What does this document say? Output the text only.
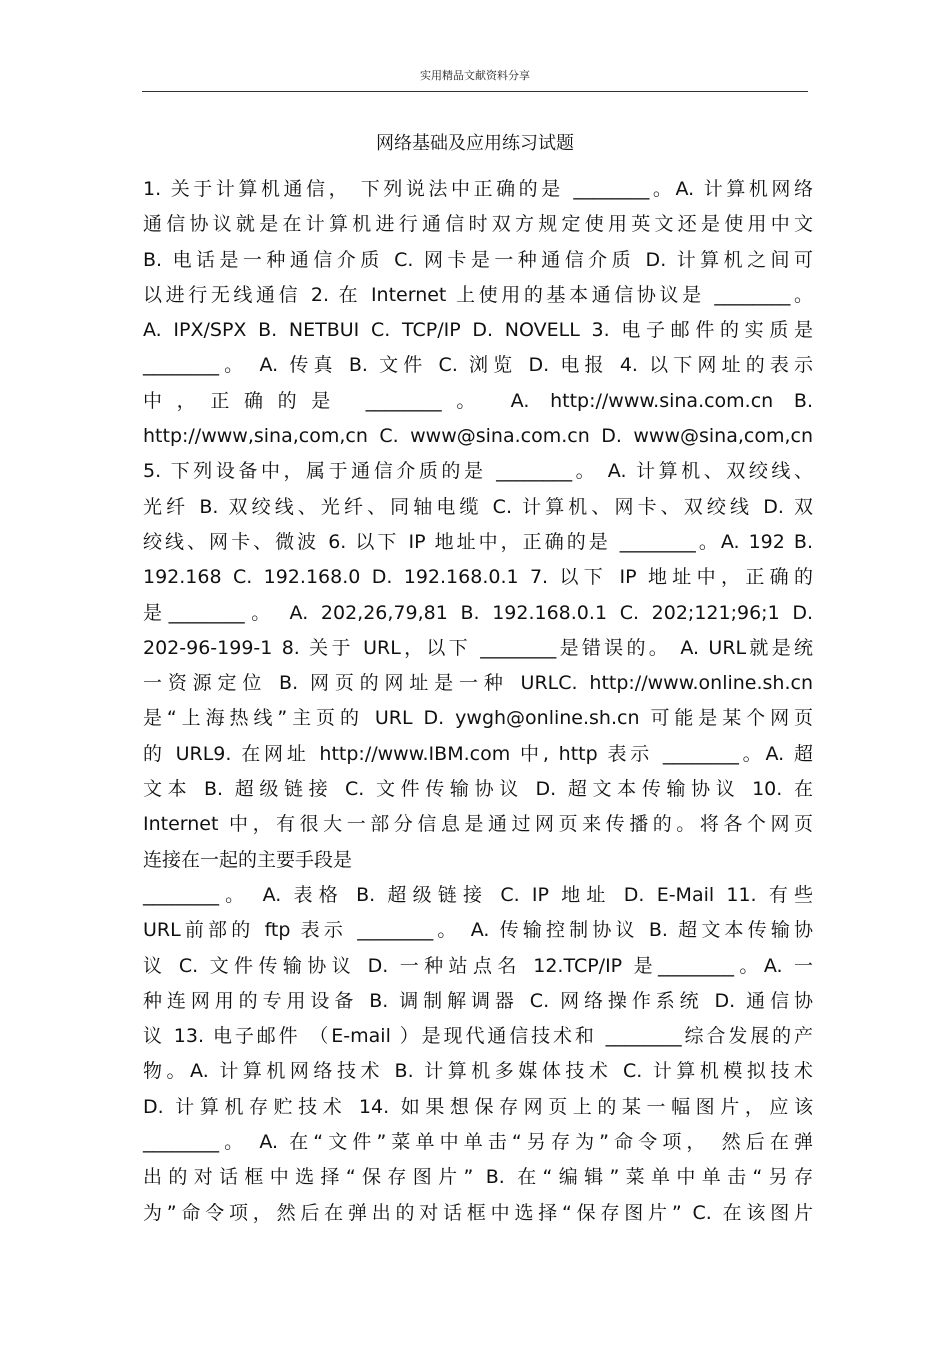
实用精品文献资料分享
网络基础及应用练习试题
1. 关于计算机通信， 下列说法中正确的是 ________。A. 计算机网络
通信协议就是在计算机进行通信时双方规定使用英文还是使用中文
B. 电话是一种通信介质 C. 网卡是一种通信介质 D. 计算机之间可
以进行无线通信 2. 在 Internet 上使用的基本通信协议是 ________。
A. IPX/SPX B. NETBUI C. TCP/IP D. NOVELL 3. 电子邮件的实质是
________。 A. 传真 B. 文件 C. 浏览 D. 电报 4. 以下网址的表示
中，正确的是 ________。 A. http://www.sina.com.cn B.
http://www,sina,com,cn C. www@sina.com.cn D. www@sina,com,cn
5. 下列设备中，属于通信介质的是 ________。 A. 计算机、双绞线、
光纤 B. 双绞线、光纤、同轴电缆 C. 计算机、网卡、双绞线 D. 双
绞线、网卡、微波 6. 以下 IP 地址中，正确的是 ________。A. 192 B.
192.168 C. 192.168.0 D. 192.168.0.1 7. 以下 IP 地址中，正确的
是________。 A. 202,26,79,81 B. 192.168.0.1 C. 202;121;96;1 D.
202-96-199-1 8. 关于 URL，以下 ________是错误的。 A. URL就是统
一资源定位 B. 网页的网址是一种 URLC. http://www.online.sh.cn
是“上海热线”主页的 URL D. ywgh@online.sh.cn 可能是某个网页
的 URL9. 在网址 http://www.IBM.com 中, http 表示 ________。A. 超
文本 B. 超级链接 C. 文件传输协议 D. 超文本传输协议 10. 在
Internet 中，有很大一部分信息是通过网页来传播的。将各个网页
连接在一起的主要手段是
________。 A. 表格 B. 超级链接 C. IP 地址 D. E-Mail 11. 有些
URL前部的 ftp 表示 ________。 A. 传输控制协议 B. 超文本传输协
议 C. 文件传输协议 D. 一种站点名 12.TCP/IP 是________。A. 一
种连网用的专用设备 B. 调制解调器 C. 网络操作系统 D. 通信协
议 13. 电子邮件 （E-mail ）是现代通信技术和 ________综合发展的产
物。A. 计算机网络技术 B. 计算机多媒体技术 C. 计算机模拟技术
D. 计算机存贮技术 14. 如果想保存网页上的某一幅图片，应该
________。 A. 在“文件”菜单中单击“另存为”命令项， 然后在弹
出的对话框中选择“保存图片” B. 在“编辑”菜单中单击“另存
为”命令项，然后在弹出的对话框中选择“保存图片” C. 在该图片
